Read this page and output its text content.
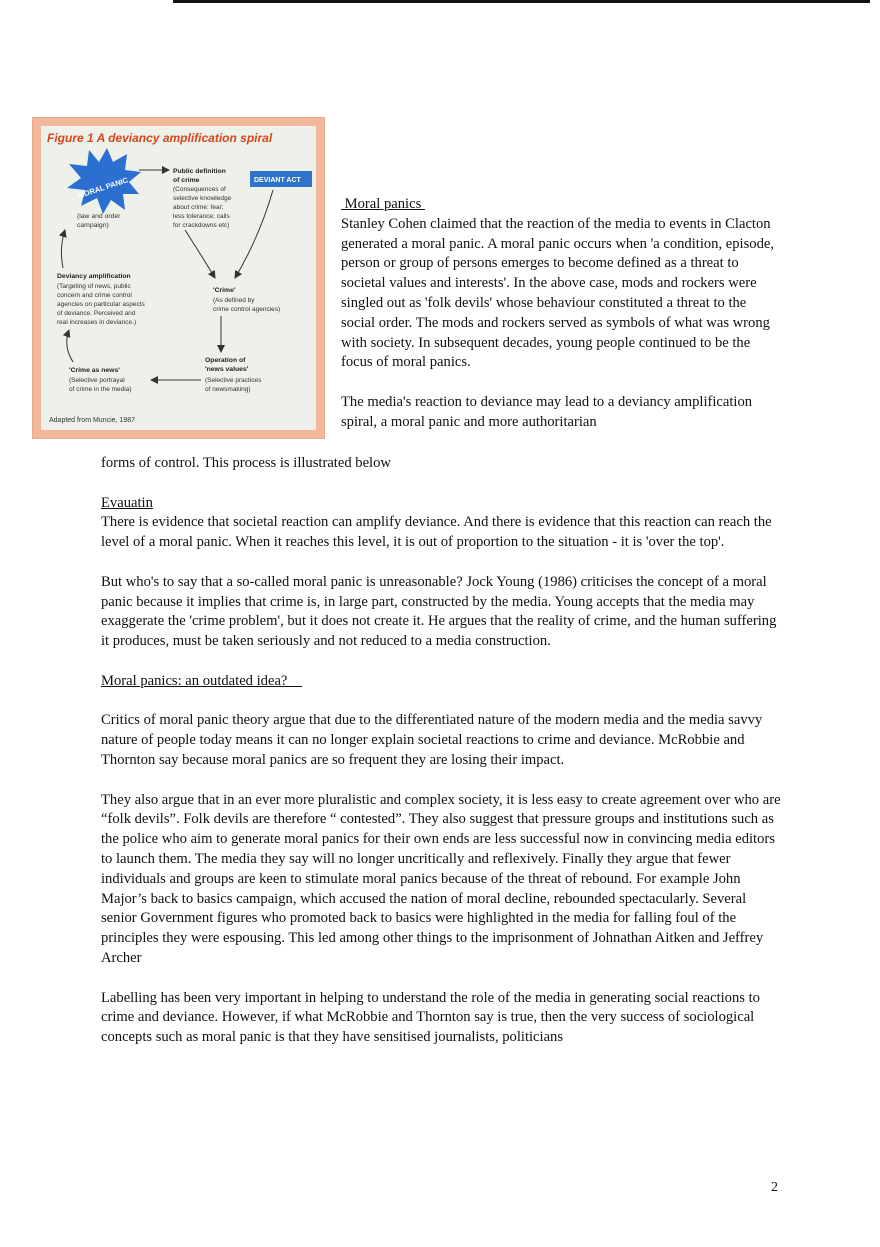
Figure 1 A deviancy amplification spiral
MORAL PANIC
(law and order campaign)
Public definition of crime
(Consequences of selective knowledge about crime: fear; less tolerance; calls for crackdowns etc)
DEVIANT ACT
'Crime'
(As defined by crime control agencies)
Deviancy amplification
(Targeting of news, public concern and crime control agencies on particular aspects of deviance. Perceived and real increases in deviance.)
Operation of 'news values'
(Selective practices of newsmaking)
'Crime as news'
(Selective portrayal of crime in the media)
Adapted from Muncie, 1987

Moral panics

Stanley Cohen claimed that the reaction of the media to events in Clacton generated a moral panic. A moral panic occurs when 'a condition, episode, person or group of persons emerges to become defined as a threat to societal values and interests'. In the above case, mods and rockers were singled out as 'folk devils' whose behaviour constituted a threat to the social order. The mods and rockers served as symbols of what was wrong with society. In subsequent decades, young people continued to be the focus of moral panics.

The media's reaction to deviance may lead to a deviancy amplification spiral, a moral panic and more authoritarian

forms of control. This process is illustrated below

Evauatin

There is evidence that societal reaction can amplify deviance. And there is evidence that this reaction can reach the level of a moral panic. When it reaches this level, it is out of proportion to the situation - it is 'over the top'.

But who's to say that a so-called moral panic is unreasonable? Jock Young (1986) criticises the concept of a moral panic because it implies that crime is, in large part, constructed by the media. Young accepts that the media may exaggerate the 'crime problem', but it does not create it. He argues that the reality of crime, and the human suffering it produces, must be taken seriously and not reduced to a media construction.

Moral panics: an outdated idea?

Critics of moral panic theory argue that due to the differentiated nature of the modern media and the media savvy nature of people today means it can no longer explain societal reactions to crime and deviance. McRobbie and Thornton say because moral panics are so frequent they are losing their impact.

They also argue that in an ever more pluralistic and complex society, it is less easy to create agreement over who are “folk devils”. Folk devils are therefore “ contested”. They also suggest that pressure groups and institutions such as the police who aim to generate moral panics for their own ends are less successful now in convincing media editors to launch them. The media they say will no longer uncritically and reflexively. Finally they argue that fewer individuals and groups are keen to stimulate moral panics because of the threat of rebound. For example John Major’s back to basics campaign, which accused the nation of moral decline, rebounded spectacularly. Several senior Government figures who promoted back to basics were highlighted in the media for falling foul of the principles they were espousing. This led among other things to the imprisonment of Johnathan Aitken and Jeffrey Archer

Labelling has been very important in helping to understand the role of the media in generating social reactions to crime and deviance. However, if what McRobbie and Thornton say is true, then the very success of sociological concepts such as moral panic is that they have sensitised journalists, politicians

2
